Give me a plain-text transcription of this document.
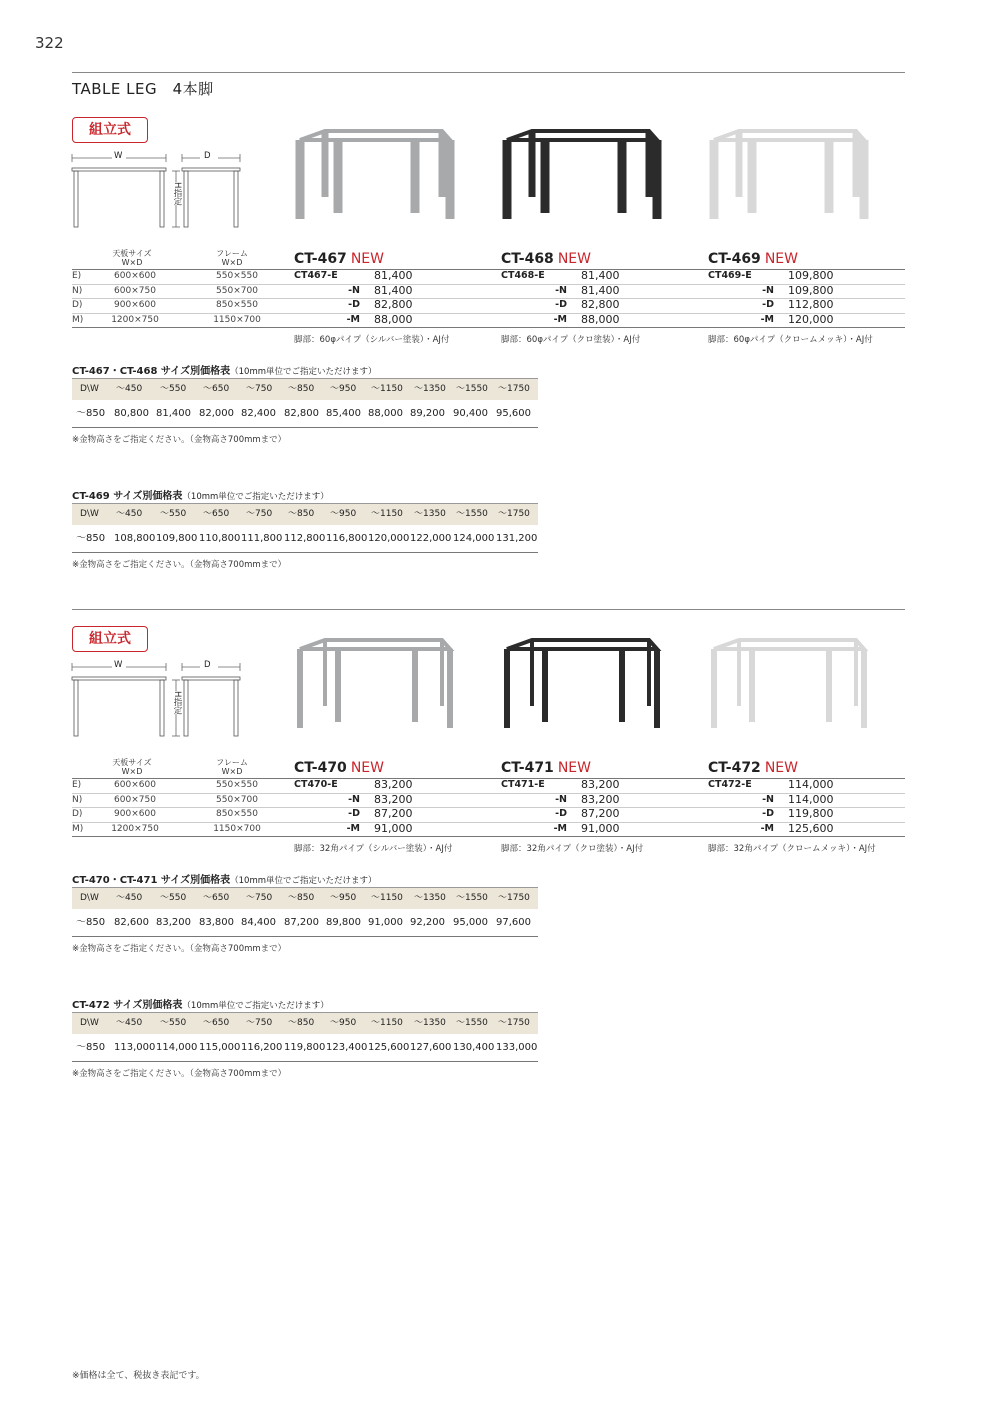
322
TABLE LEG　4本脚
組立式
W	D
H指定
天板サイズ
W×D
フレーム
W×D
E)	600×600	550×550
N)	600×750	550×700
D)	900×600	850×550
M)	1200×750	1150×700
CT-467 NEW
CT467-E	81,400
-N 81,400
-D 82,800
-M 88,000
脚部：60φパイプ（シルバー塗装）・AJ付
CT-468 NEW
CT468-E	81,400
-N 81,400
-D 82,800
-M 88,000
脚部：60φパイプ（クロ塗装）・AJ付
CT-469 NEW
CT469-E	109,800
-N 109,800
-D 112,800
-M 120,000
脚部：60φパイプ（クロームメッキ）・AJ付
CT-467・CT-468 サイズ別価格表（10mm単位でご指定いただけます）
D\W ～450 ～550 ～650 ～750 ～850 ～950 ～1150 ～1350 ～1550 ～1750
～850 80,800 81,400 82,000 82,400 82,800 85,400 88,000 89,200 90,400 95,600
※金物高さをご指定ください。（金物高さ700mmまで）
CT-469 サイズ別価格表（10mm単位でご指定いただけます）
D\W ～450 ～550 ～650 ～750 ～850 ～950 ～1150 ～1350 ～1550 ～1750
～850 108,800 109,800 110,800 111,800 112,800 116,800 120,000 122,000 124,000 131,200
※金物高さをご指定ください。（金物高さ700mmまで）
組立式
W	D
H指定
天板サイズ
W×D
フレーム
W×D
E)	600×600	550×550
N)	600×750	550×700
D)	900×600	850×550
M)	1200×750	1150×700
CT-470 NEW
CT470-E	83,200
-N 83,200
-D 87,200
-M 91,000
脚部：32角パイプ（シルバー塗装）・AJ付
CT-471 NEW
CT471-E	83,200
-N 83,200
-D 87,200
-M 91,000
脚部：32角パイプ（クロ塗装）・AJ付
CT-472 NEW
CT472-E	114,000
-N 114,000
-D 119,800
-M 125,600
脚部：32角パイプ（クロームメッキ）・AJ付
CT-470・CT-471 サイズ別価格表（10mm単位でご指定いただけます）
D\W ～450 ～550 ～650 ～750 ～850 ～950 ～1150 ～1350 ～1550 ～1750
～850 82,600 83,200 83,800 84,400 87,200 89,800 91,000 92,200 95,000 97,600
※金物高さをご指定ください。（金物高さ700mmまで）
CT-472 サイズ別価格表（10mm単位でご指定いただけます）
D\W ～450 ～550 ～650 ～750 ～850 ～950 ～1150 ～1350 ～1550 ～1750
～850 113,000 114,000 115,000 116,200 119,800 123,400 125,600 127,600 130,400 133,000
※金物高さをご指定ください。（金物高さ700mmまで）
※価格は全て、税抜き表記です。
